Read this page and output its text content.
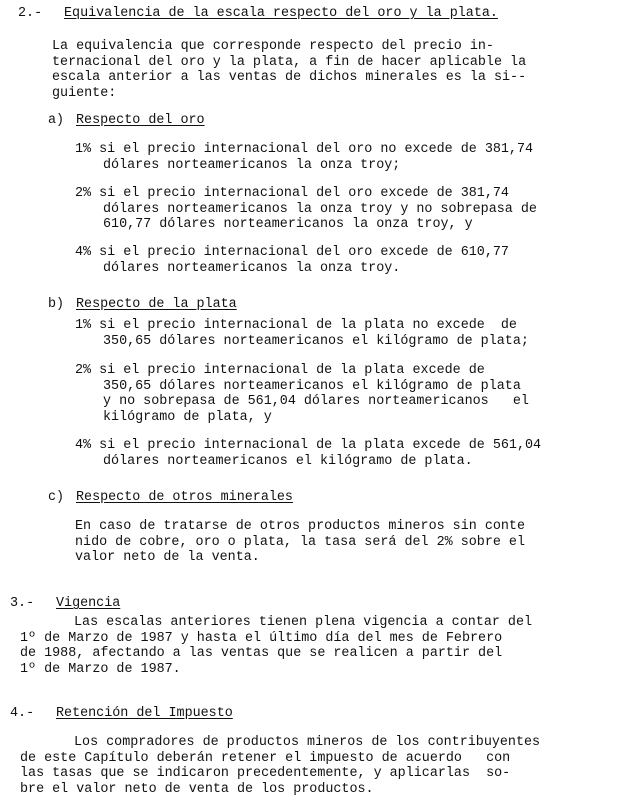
2.- Equivalencia de la escala respecto del oro y la plata.
La equivalencia que corresponde respecto del precio in-
ternacional del oro y la plata, a fin de hacer aplicable la
escala anterior a las ventas de dichos minerales es la si--
guiente:
a) Respecto del oro
1% si el precio internacional del oro no excede de 381,74
dólares norteamericanos la onza troy;
2% si el precio internacional del oro excede de 381,74
dólares norteamericanos la onza troy y no sobrepasa de
610,77 dólares norteamericanos la onza troy, y
4% si el precio internacional del oro excede de 610,77
dólares norteamericanos la onza troy.
b) Respecto de la plata
1% si el precio internacional de la plata no excede  de
350,65 dólares norteamericanos el kilógramo de plata;
2% si el precio internacional de la plata excede de
350,65 dólares norteamericanos el kilógramo de plata
y no sobrepasa de 561,04 dólares norteamericanos   el
kilógramo de plata, y
4% si el precio internacional de la plata excede de 561,04
dólares norteamericanos el kilógramo de plata.
c) Respecto de otros minerales
En caso de tratarse de otros productos mineros sin conte
nido de cobre, oro o plata, la tasa será del 2% sobre el
valor neto de la venta.
3.- Vigencia
Las escalas anteriores tienen plena vigencia a contar del
1º de Marzo de 1987 y hasta el último día del mes de Febrero
de 1988, afectando a las ventas que se realicen a partir del
1º de Marzo de 1987.
4.- Retención del Impuesto
Los compradores de productos mineros de los contribuyentes
de este Capítulo deberán retener el impuesto de acuerdo   con
las tasas que se indicaron precedentemente, y aplicarlas  so-
bre el valor neto de venta de los productos.
